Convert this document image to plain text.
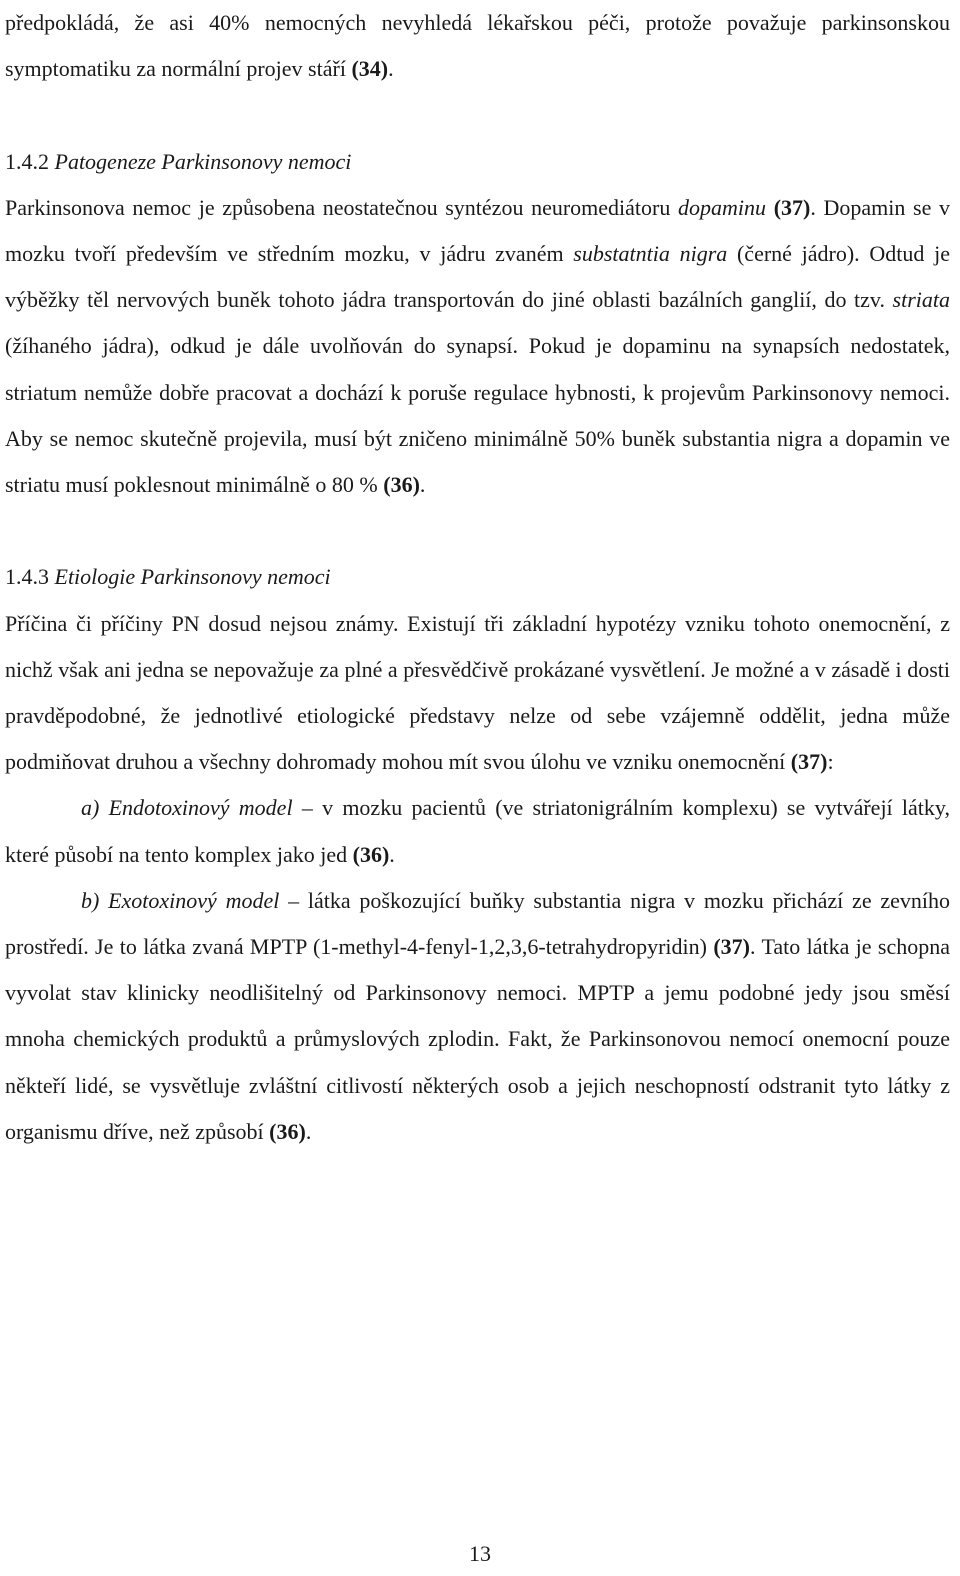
předpokládá, že asi 40% nemocných nevyhledá lékařskou péči, protože považuje parkinsonskou symptomatiku za normální projev stáří (34).

1.4.2 Patogeneze Parkinsonovy nemoci

Parkinsonova nemoc je způsobena neostatečnou syntézou neuromediátoru dopaminu (37). Dopamin se v mozku tvoří především ve středním mozku, v jádru zvaném substatntia nigra (černé jádro). Odtud je výběžky těl nervových buněk tohoto jádra transportován do jiné oblasti bazálních ganglií, do tzv. striata (žíhaného jádra), odkud je dále uvolňován do synapsí. Pokud je dopaminu na synapsích nedostatek, striatum nemůže dobře pracovat a dochází k poruše regulace hybnosti, k projevům Parkinsonovy nemoci. Aby se nemoc skutečně projevila, musí být zničeno minimálně 50% buněk substantia nigra a dopamin ve striatu musí poklesnout minimálně o 80 % (36).

1.4.3 Etiologie Parkinsonovy nemoci

Příčina či příčiny PN dosud nejsou známy. Existují tři základní hypotézy vzniku tohoto onemocnění, z nichž však ani jedna se nepovažuje za plné a přesvědčivě prokázané vysvětlení. Je možné a v zásadě i dosti pravděpodobné, že jednotlivé etiologické představy nelze od sebe vzájemně oddělit, jedna může podmiňovat druhou a všechny dohromady mohou mít svou úlohu ve vzniku onemocnění (37):

a) Endotoxinový model – v mozku pacientů (ve striatonigrálním komplexu) se vytvářejí látky, které působí na tento komplex jako jed (36).

b) Exotoxinový model – látka poškozující buňky substantia nigra v mozku přichází ze zevního prostředí. Je to látka zvaná MPTP (1-methyl-4-fenyl-1,2,3,6-tetrahydropyridin) (37). Tato látka je schopna vyvolat stav klinicky neodlišitelný od Parkinsonovy nemoci. MPTP a jemu podobné jedy jsou směsí mnoha chemických produktů a průmyslových zplodin. Fakt, že Parkinsonovou nemocí onemocní pouze někteří lidé, se vysvětluje zvláštní citlivostí některých osob a jejich neschopností odstranit tyto látky z organismu dříve, než způsobí (36).

13
